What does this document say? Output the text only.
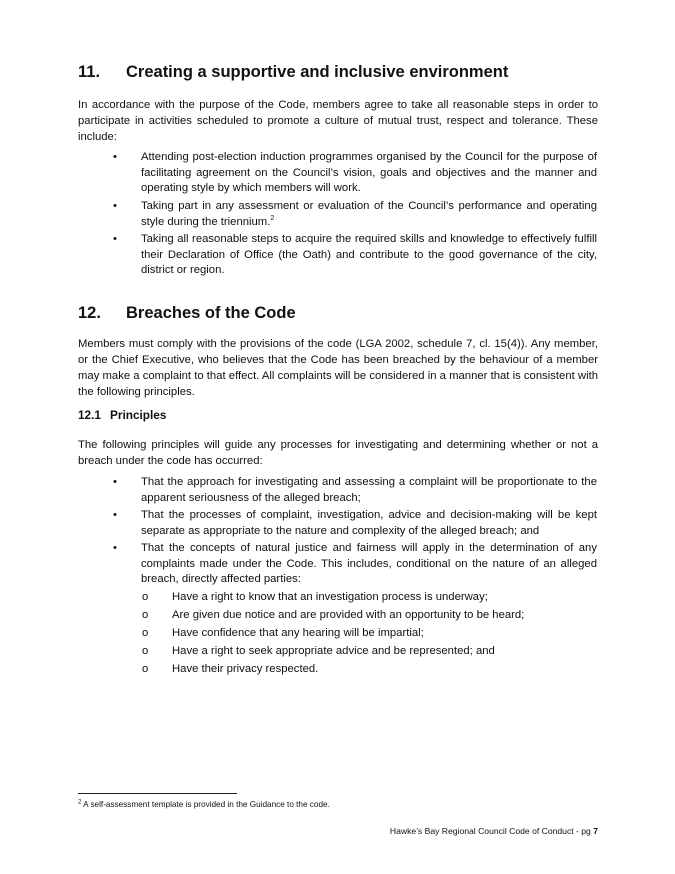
11. Creating a supportive and inclusive environment
In accordance with the purpose of the Code, members agree to take all reasonable steps in order to participate in activities scheduled to promote a culture of mutual trust, respect and tolerance. These include:
• Attending post-election induction programmes organised by the Council for the purpose of facilitating agreement on the Council’s vision, goals and objectives and the manner and operating style by which members will work.
• Taking part in any assessment or evaluation of the Council’s performance and operating style during the triennium.$^2$
• Taking all reasonable steps to acquire the required skills and knowledge to effectively fulfill their Declaration of Office (the Oath) and contribute to the good governance of the city, district or region.
12. Breaches of the Code
Members must comply with the provisions of the code (LGA 2002, schedule 7, cl. 15(4)). Any member, or the Chief Executive, who believes that the Code has been breached by the behaviour of a member may make a complaint to that effect. All complaints will be considered in a manner that is consistent with the following principles.
12.1 Principles
The following principles will guide any processes for investigating and determining whether or not a breach under the code has occurred:
• That the approach for investigating and assessing a complaint will be proportionate to the apparent seriousness of the alleged breach;
• That the processes of complaint, investigation, advice and decision-making will be kept separate as appropriate to the nature and complexity of the alleged breach; and
• That the concepts of natural justice and fairness will apply in the determination of any complaints made under the Code. This includes, conditional on the nature of an alleged breach, directly affected parties:
o Have a right to know that an investigation process is underway;
o Are given due notice and are provided with an opportunity to be heard;
o Have confidence that any hearing will be impartial;
o Have a right to seek appropriate advice and be represented; and
o Have their privacy respected.
$^2$ A self-assessment template is provided in the Guidance to the code.
Hawke’s Bay Regional Council Code of Conduct - pg 7
